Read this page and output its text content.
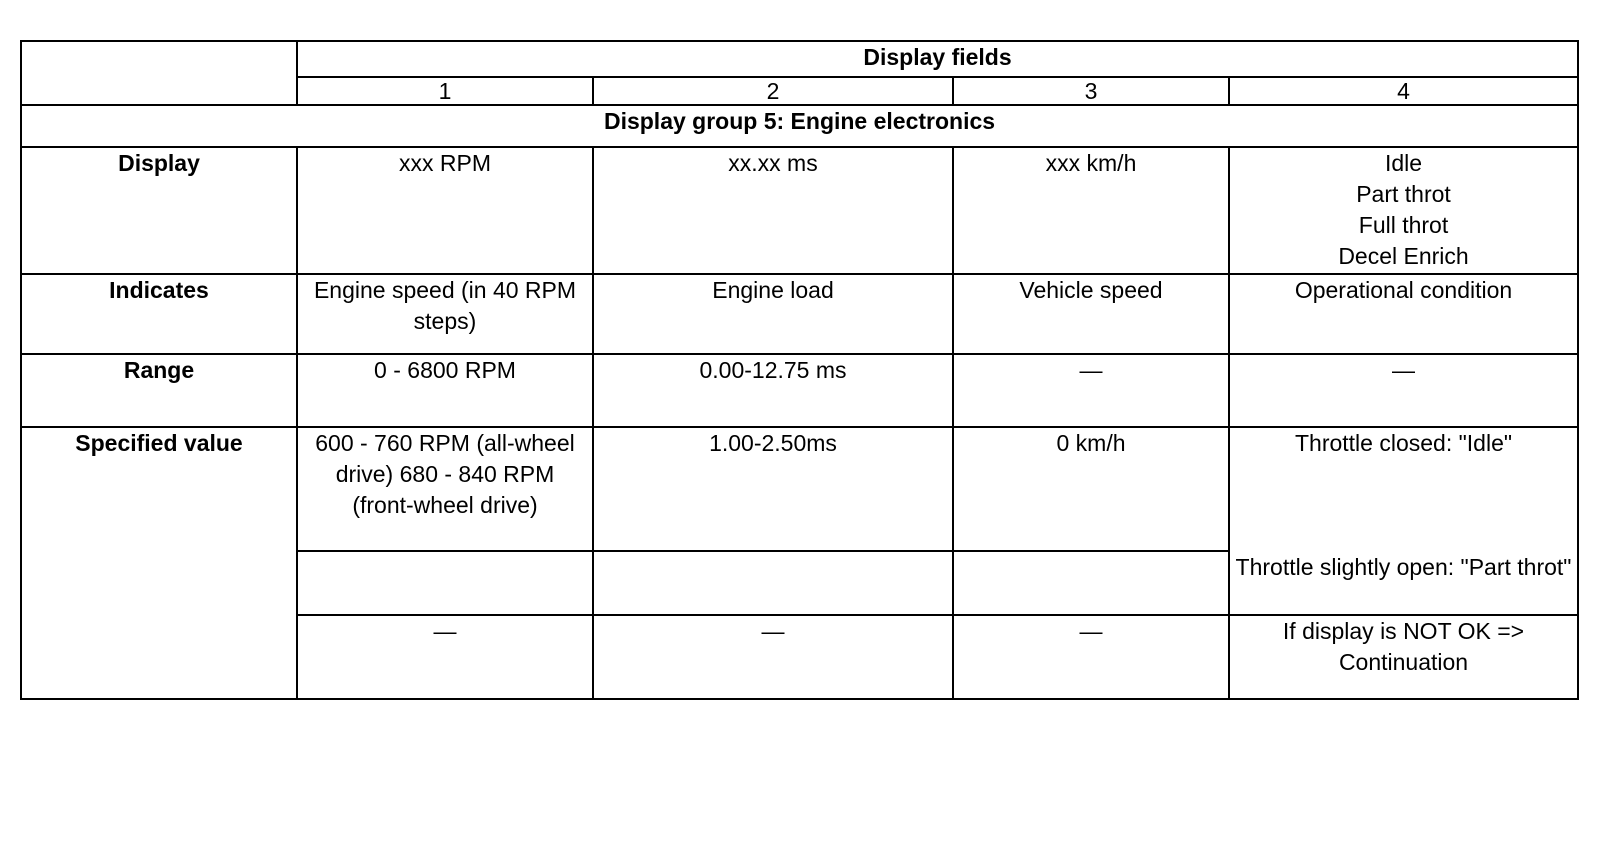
	Display fields			
	1	2	3	4
Display group 5: Engine electronics				
Display	xxx RPM	xx.xx ms	xxx km/h	Idle
Part throt
Full throt
Decel Enrich

Indicates	Engine speed (in 40 RPM steps)	Engine load	Vehicle speed	Operational condition
Range	0 - 6800 RPM	0.00-12.75 ms	—	—
Specified value	600 - 760 RPM (all-wheel drive) 680 - 840 RPM (front-wheel drive)	1.00-2.50ms	0 km/h	Throttle closed: "Idle"
Throttle slightly open: "Part throt"

	—	—	—	If display is NOT OK => Continuation
